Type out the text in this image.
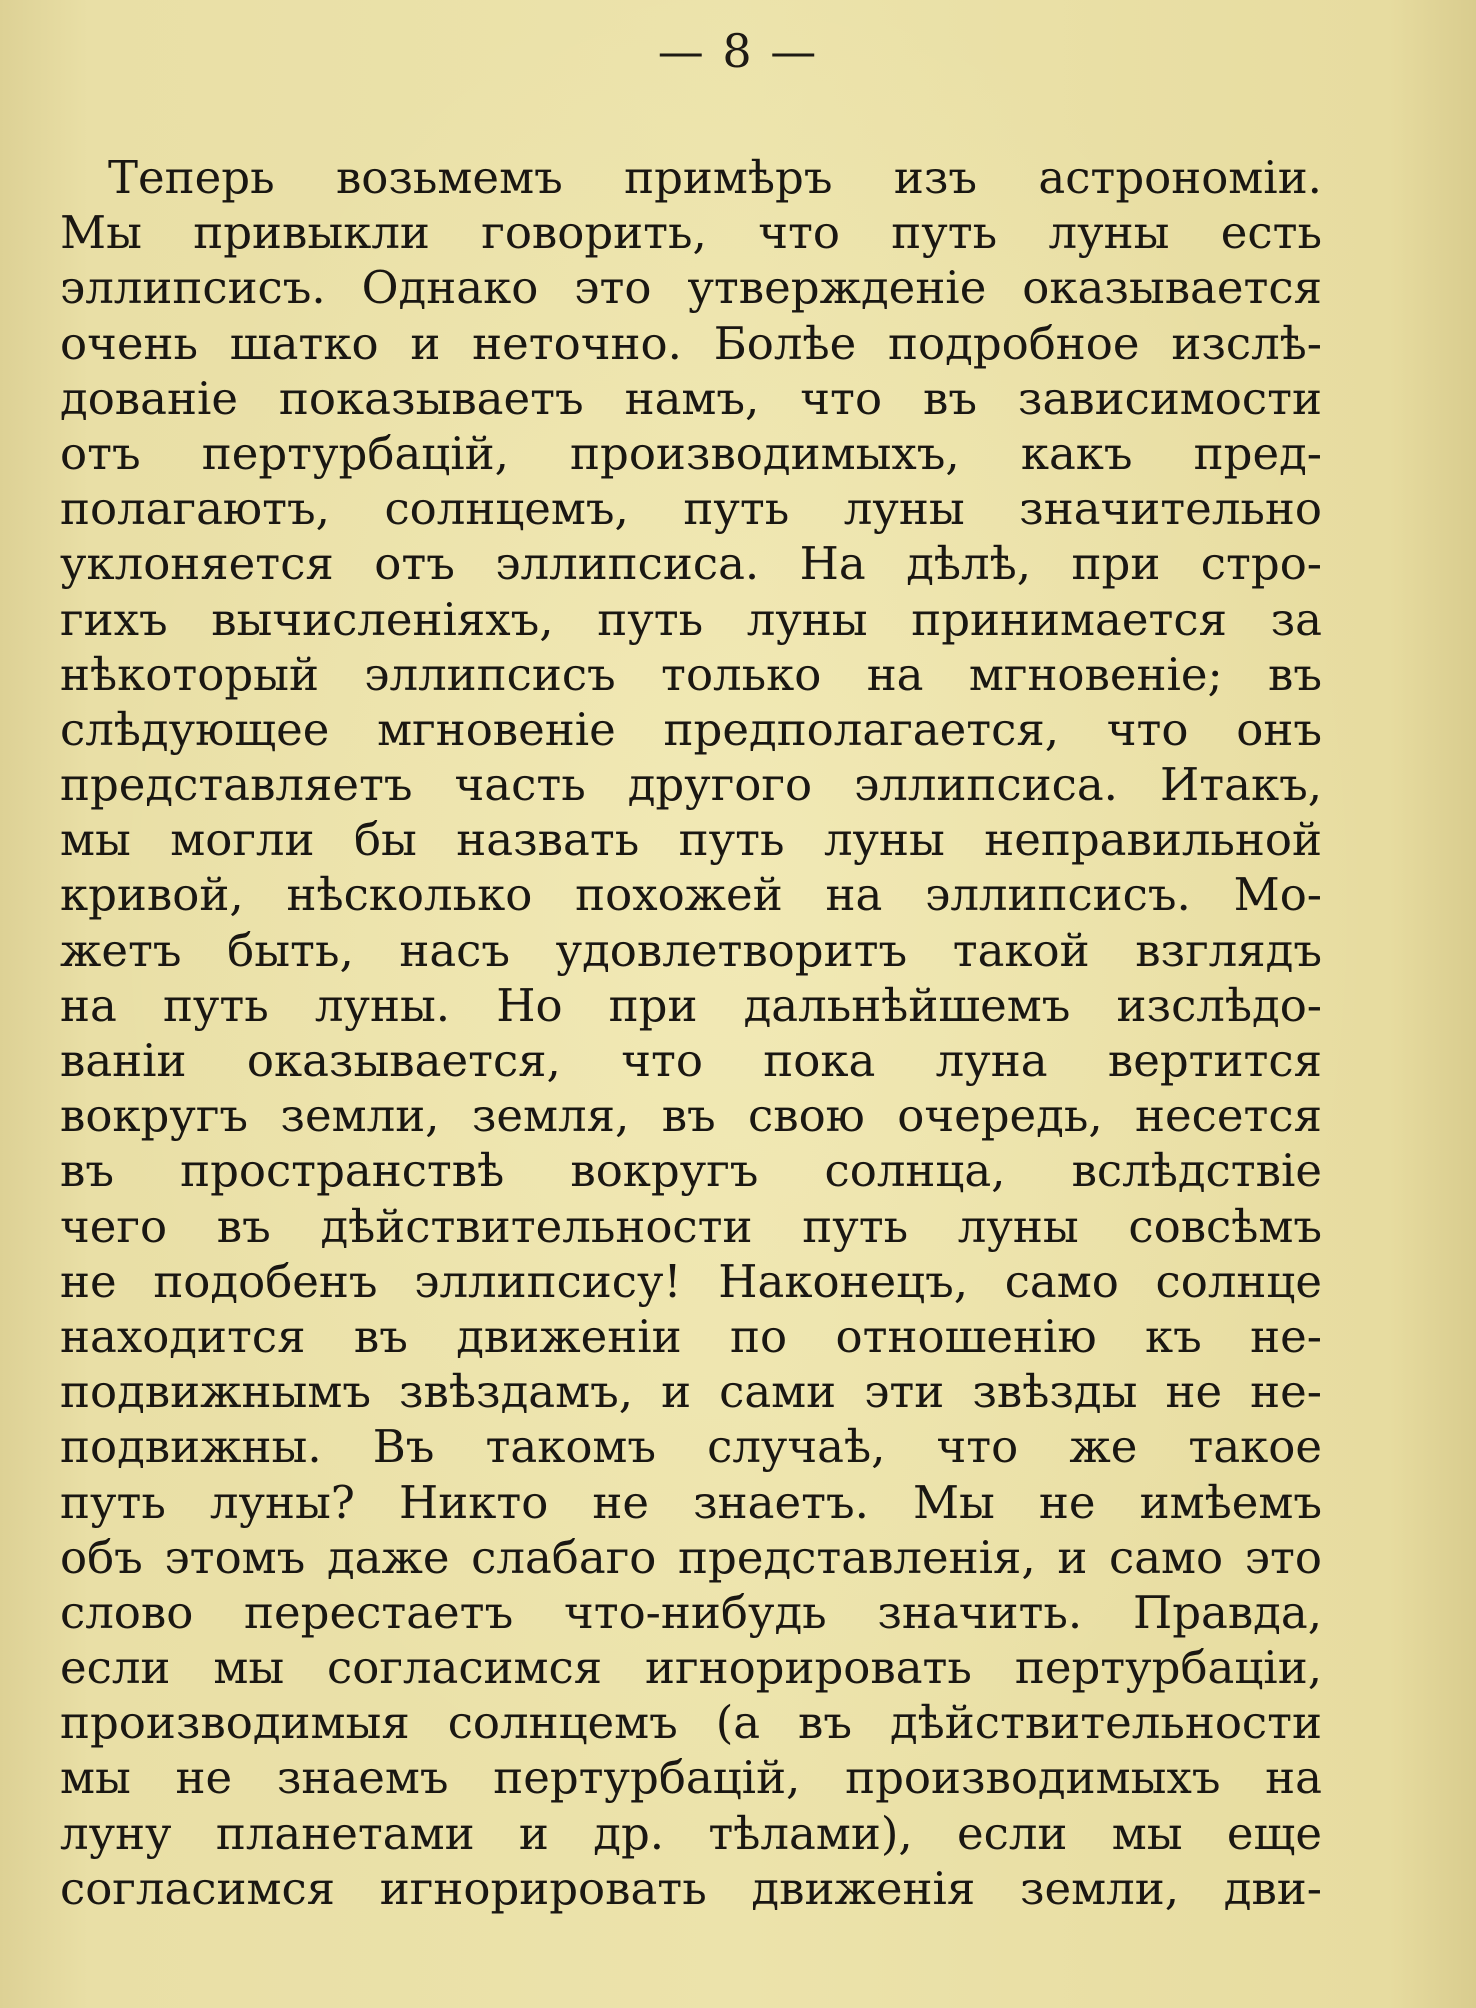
— 8 —
Теперь возьмемъ примѣръ изъ астрономіи.
Мы привыкли говорить, что путь луны есть
эллипсисъ. Однако это утвержденіе оказывается
очень шатко и неточно. Болѣе подробное изслѣ-
дованіе показываетъ намъ, что въ зависимости
отъ пертурбацій, производимыхъ, какъ пред-
полагаютъ, солнцемъ, путь луны значительно
уклоняется отъ эллипсиса. На дѣлѣ, при стро-
гихъ вычисленіяхъ, путь луны принимается за
нѣкоторый эллипсисъ только на мгновеніе; въ
слѣдующее мгновеніе предполагается, что онъ
представляетъ часть другого эллипсиса. Итакъ,
мы могли бы назвать путь луны неправильной
кривой, нѣсколько похожей на эллипсисъ. Мо-
жетъ быть, насъ удовлетворитъ такой взглядъ
на путь луны. Но при дальнѣйшемъ изслѣдо-
ваніи оказывается, что пока луна вертится
вокругъ земли, земля, въ свою очередь, несется
въ пространствѣ вокругъ солнца, вслѣдствіе
чего въ дѣйствительности путь луны совсѣмъ
не подобенъ эллипсису! Наконецъ, само солнце
находится въ движеніи по отношенію къ не-
подвижнымъ звѣздамъ, и сами эти звѣзды не не-
подвижны. Въ такомъ случаѣ, что же такое
путь луны? Никто не знаетъ. Мы не имѣемъ
объ этомъ даже слабаго представленія, и само это
слово перестаетъ что-нибудь значить. Правда,
если мы согласимся игнорировать пертурбаціи,
производимыя солнцемъ (а въ дѣйствительности
мы не знаемъ пертурбацій, производимыхъ на
луну планетами и др. тѣлами), если мы еще
согласимся игнорировать движенія земли, дви-
